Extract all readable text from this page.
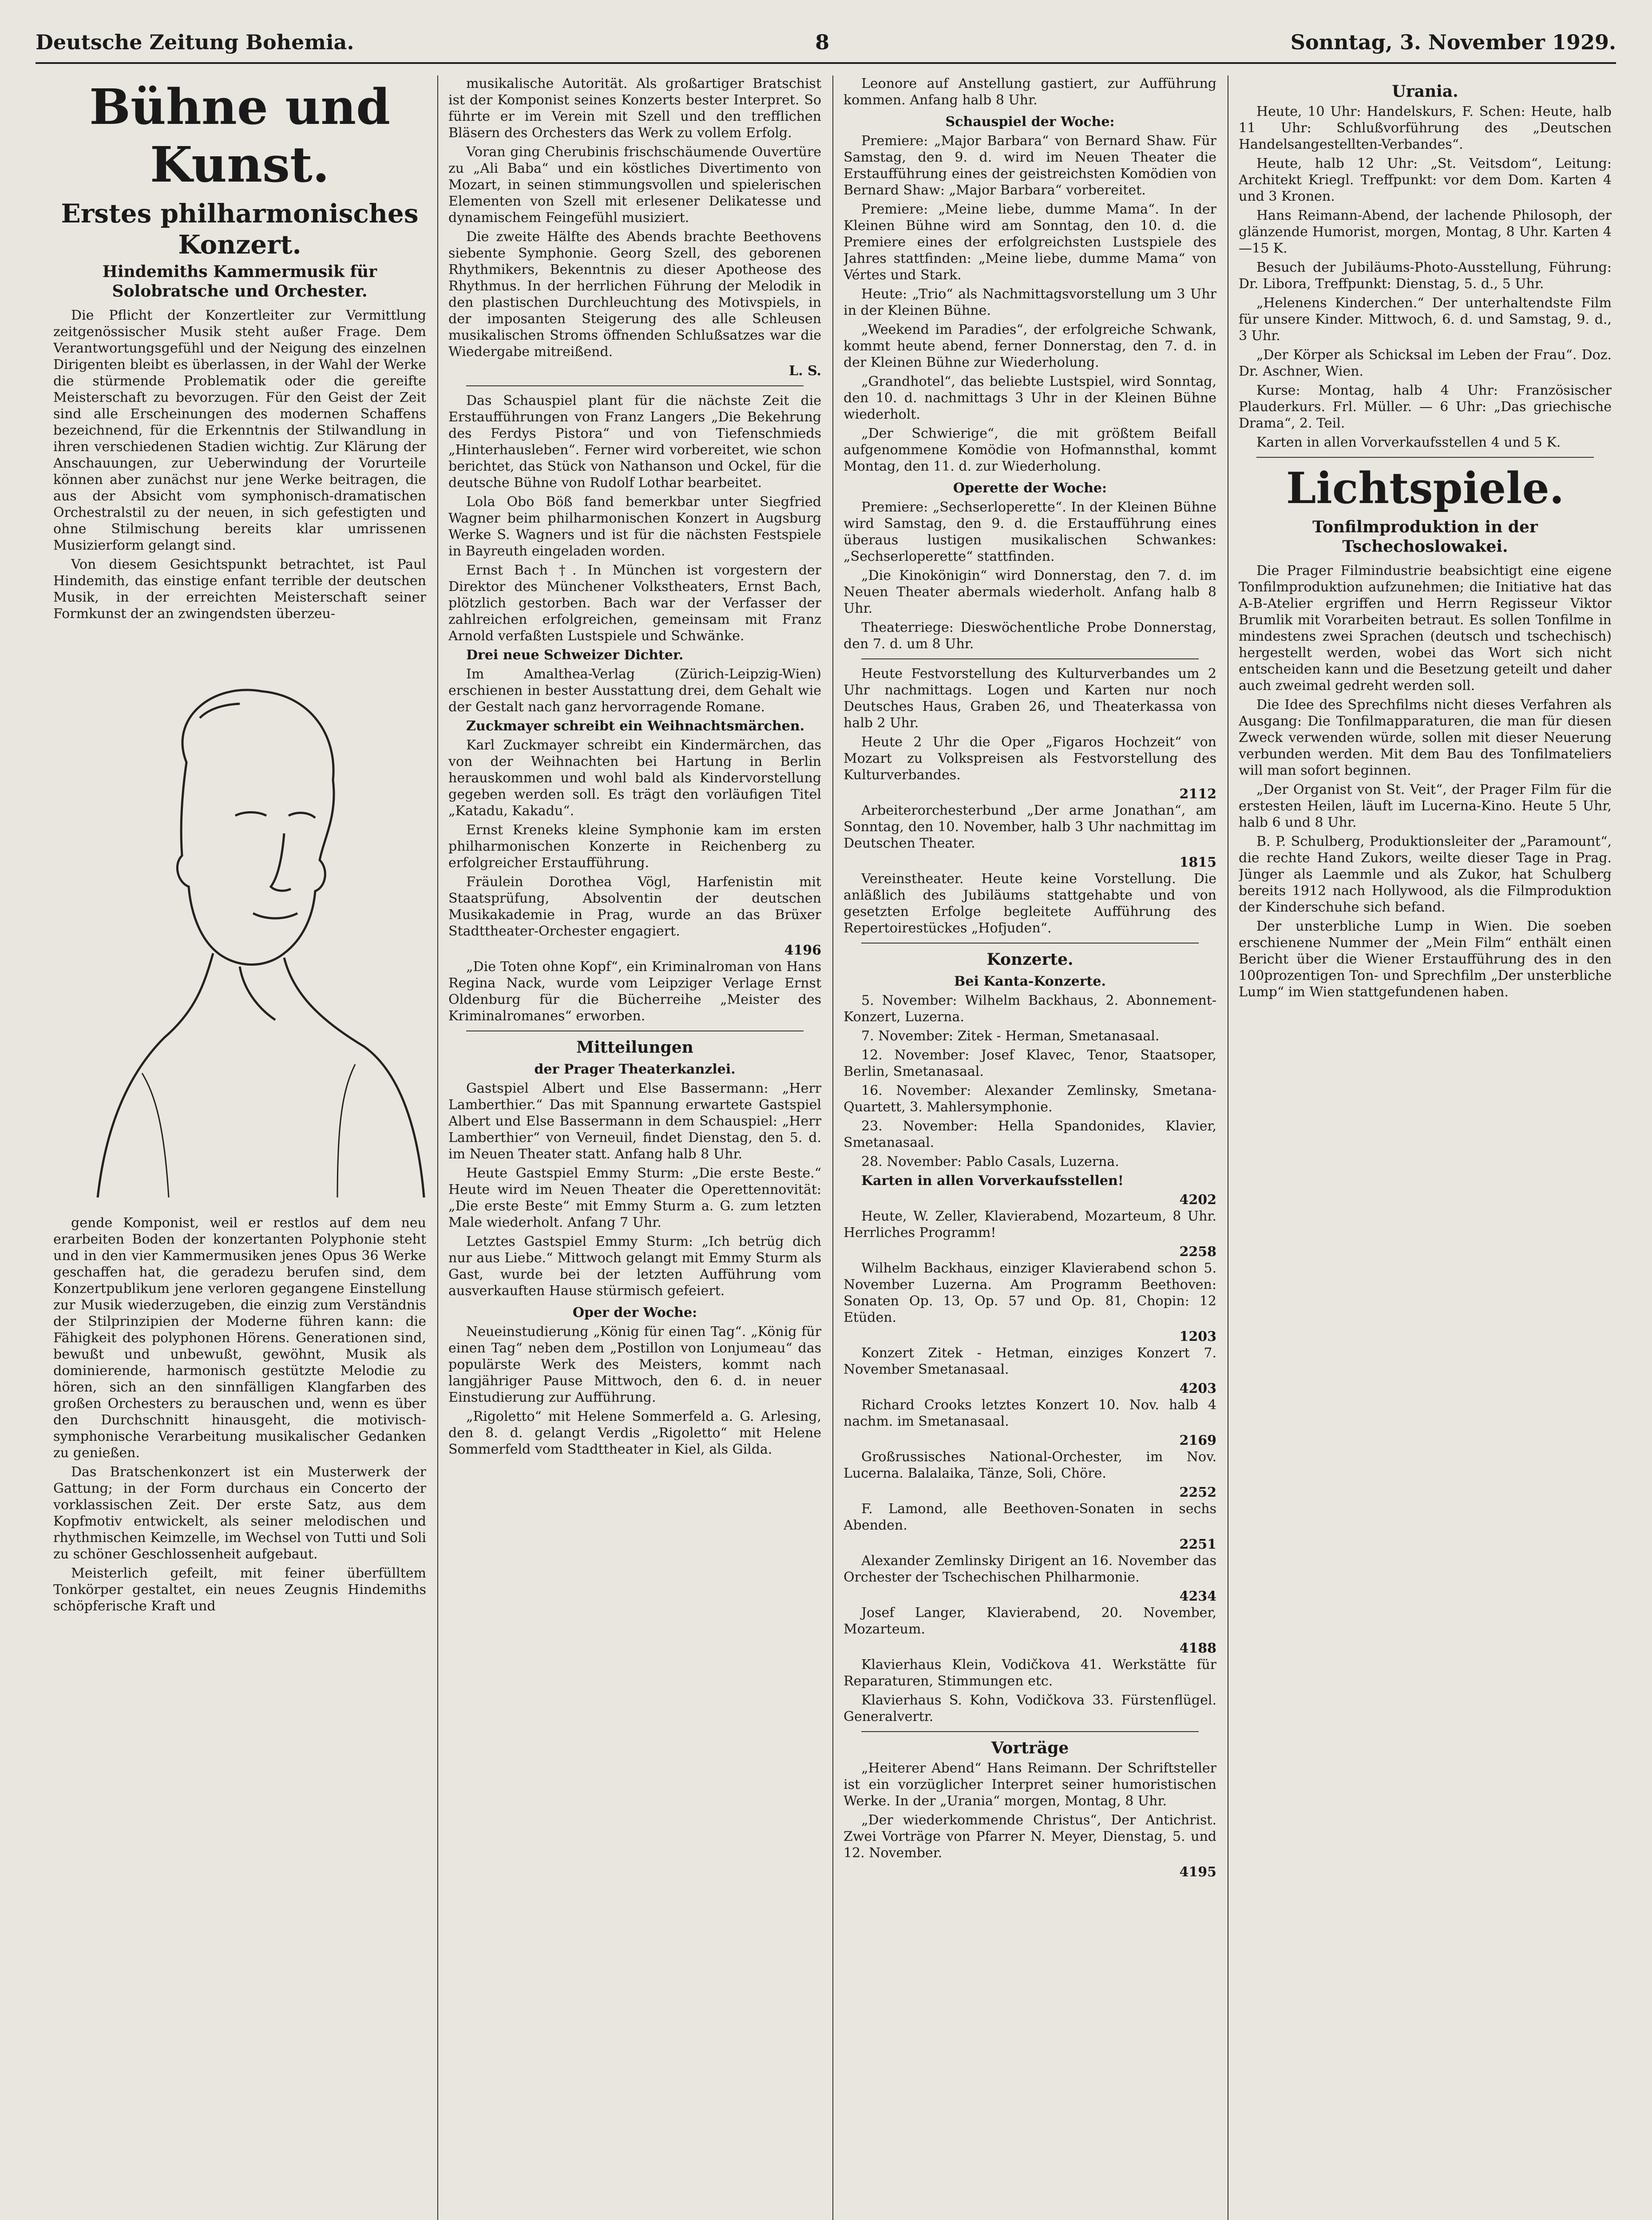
Deutsche Zeitung Bohemia.	8	Sonntag, 3. November 1929.
Bühne und Kunst.
Erstes philharmonisches Konzert.
Hindemiths Kammermusik für Solobratsche und Orchester.

Die Pflicht der Konzertleiter zur Vermittlung zeitgenössischer Musik steht außer Frage. Dem Verantwortungsgefühl und der Neigung des einzelnen Dirigenten bleibt es überlassen, in der Wahl der Werke die stürmende Problematik oder die gereifte Meisterschaft zu bevorzugen. Für den Geist der Zeit sind alle Erscheinungen des modernen Schaffens bezeichnend, für die Erkenntnis der Stilwandlung in ihren verschiedenen Stadien wichtig. Zur Klärung der Anschauungen, zur Ueberwindung der Vorurteile können aber zunächst nur jene Werke beitragen, die aus der Absicht vom symphonisch-dramatischen Orchestralstil zu der neuen, in sich gefestigten und ohne Stilmischung bereits klar umrissenen Musizierform gelangt sind.

Von diesem Gesichtspunkt betrachtet, ist Paul Hindemith, das einstige enfant terrible der deutschen Musik, in der erreichten Meisterschaft seiner Formkunst der an zwingendsten überzeu-

gende Komponist, weil er restlos auf dem neu erarbeiten Boden der konzertanten Polyphonie steht und in den vier Kammermusiken jenes Opus 36 Werke geschaffen hat, die geradezu berufen sind, dem Konzertpublikum jene verloren gegangene Einstellung zur Musik wiederzugeben, die einzig zum Verständnis der Stilprinzipien der Moderne führen kann: die Fähigkeit des polyphonen Hörens. Generationen sind, bewußt und unbewußt, gewöhnt, Musik als dominierende, harmonisch gestützte Melodie zu hören, sich an den sinnfälligen Klangfarben des großen Orchesters zu berauschen und, wenn es über den Durchschnitt hinausgeht, die motivisch-symphonische Verarbeitung musikalischer Gedanken zu genießen.

Das Bratschenkonzert ist ein Musterwerk der Gattung; in der Form durchaus ein Concerto der vorklassischen Zeit. Der erste Satz, aus dem Kopfmotiv entwickelt, als seiner melodischen und rhythmischen Keimzelle, im Wechsel von Tutti und Soli zu schöner Geschlossenheit aufgebaut.

Meisterlich gefeilt, mit feiner überfülltem Tonkörper gestaltet, ein neues Zeugnis Hindemiths schöpferische Kraft und

musikalische Autorität. Als großartiger Bratschist ist der Komponist seines Konzerts bester Interpret. So führte er im Verein mit Szell und den trefflichen Bläsern des Orchesters das Werk zu vollem Erfolg.

Voran ging Cherubinis frischschäumende Ouvertüre zu „Ali Baba“ und ein köstliches Divertimento von Mozart, in seinen stimmungsvollen und spielerischen Elementen von Szell mit erlesener Delikatesse und dynamischem Feingefühl musiziert.

Die zweite Hälfte des Abends brachte Beethovens siebente Symphonie. Georg Szell, des geborenen Rhythmikers, Bekenntnis zu dieser Apotheose des Rhythmus. In der herrlichen Führung der Melodik in den plastischen Durchleuchtung des Motivspiels, in der imposanten Steigerung des alle Schleusen musikalischen Stroms öffnenden Schlußsatzes war die Wiedergabe mitreißend.

L. S.

Das Schauspiel plant für die nächste Zeit die Erstaufführungen von Franz Langers „Die Bekehrung des Ferdys Pistora“ und von Tiefenschmieds „Hinterhausleben“. Ferner wird vorbereitet, wie schon berichtet, das Stück von Nathanson und Ockel, für die deutsche Bühne von Rudolf Lothar bearbeitet.

Lola Obo Böß fand bemerkbar unter Siegfried Wagner beim philharmonischen Konzert in Augsburg Werke S. Wagners und ist für die nächsten Festspiele in Bayreuth eingeladen worden.

Ernst Bach †. In München ist vorgestern der Direktor des Münchener Volkstheaters, Ernst Bach, plötzlich gestorben. Bach war der Verfasser der zahlreichen erfolgreichen, gemeinsam mit Franz Arnold verfaßten Lustspiele und Schwänke.

Drei neue Schweizer Dichter.

Im Amalthea-Verlag (Zürich-Leipzig-Wien) erschienen in bester Ausstattung drei, dem Gehalt wie der Gestalt nach ganz hervorragende Romane.

Zuckmayer schreibt ein Weihnachtsmärchen.

Karl Zuckmayer schreibt ein Kindermärchen, das von der Weihnachten bei Hartung in Berlin herauskommen und wohl bald als Kindervorstellung gegeben werden soll. Es trägt den vorläufigen Titel „Katadu, Kakadu“.

Ernst Kreneks kleine Symphonie kam im ersten philharmonischen Konzerte in Reichenberg zu erfolgreicher Erstaufführung.

Fräulein Dorothea Vögl, Harfenistin mit Staatsprüfung, Absolventin der deutschen Musikakademie in Prag, wurde an das Brüxer Stadttheater-Orchester engagiert.

4196

„Die Toten ohne Kopf“, ein Kriminalroman von Hans Regina Nack, wurde vom Leipziger Verlage Ernst Oldenburg für die Bücherreihe „Meister des Kriminalromanes“ erworben.

Mitteilungen
der Prager Theaterkanzlei.

Gastspiel Albert und Else Bassermann: „Herr Lamberthier.“ Das mit Spannung erwartete Gastspiel Albert und Else Bassermann in dem Schauspiel: „Herr Lamberthier“ von Verneuil, findet Dienstag, den 5. d. im Neuen Theater statt. Anfang halb 8 Uhr.

Heute Gastspiel Emmy Sturm: „Die erste Beste.“ Heute wird im Neuen Theater die Operettennovität: „Die erste Beste“ mit Emmy Sturm a. G. zum letzten Male wiederholt. Anfang 7 Uhr.

Letztes Gastspiel Emmy Sturm: „Ich betrüg dich nur aus Liebe.“ Mittwoch gelangt mit Emmy Sturm als Gast, wurde bei der letzten Aufführung vom ausverkauften Hause stürmisch gefeiert.

Oper der Woche:

Neueinstudierung „König für einen Tag“. „König für einen Tag“ neben dem „Postillon von Lonjumeau“ das populärste Werk des Meisters, kommt nach langjähriger Pause Mittwoch, den 6. d. in neuer Einstudierung zur Aufführung.

„Rigoletto“ mit Helene Sommerfeld a. G. Arlesing, den 8. d. gelangt Verdis „Rigoletto“ mit Helene Sommerfeld vom Stadttheater in Kiel, als Gilda.

Leonore auf Anstellung gastiert, zur Aufführung kommen. Anfang halb 8 Uhr.

Schauspiel der Woche:

Premiere: „Major Barbara“ von Bernard Shaw. Für Samstag, den 9. d. wird im Neuen Theater die Erstaufführung eines der geistreichsten Komödien von Bernard Shaw: „Major Barbara“ vorbereitet.

Premiere: „Meine liebe, dumme Mama“. In der Kleinen Bühne wird am Sonntag, den 10. d. die Premiere eines der erfolgreichsten Lustspiele des Jahres stattfinden: „Meine liebe, dumme Mama“ von Vértes und Stark.

Heute: „Trio“ als Nachmittagsvorstellung um 3 Uhr in der Kleinen Bühne.

„Weekend im Paradies“, der erfolgreiche Schwank, kommt heute abend, ferner Donnerstag, den 7. d. in der Kleinen Bühne zur Wiederholung.

„Grandhotel“, das beliebte Lustspiel, wird Sonntag, den 10. d. nachmittags 3 Uhr in der Kleinen Bühne wiederholt.

„Der Schwierige“, die mit größtem Beifall aufgenommene Komödie von Hofmannsthal, kommt Montag, den 11. d. zur Wiederholung.

Operette der Woche:

Premiere: „Sechserloperette“. In der Kleinen Bühne wird Samstag, den 9. d. die Erstaufführung eines überaus lustigen musikalischen Schwankes: „Sechserloperette“ stattfinden.

„Die Kinokönigin“ wird Donnerstag, den 7. d. im Neuen Theater abermals wiederholt. Anfang halb 8 Uhr.

Theaterriege: Dieswöchentliche Probe Donnerstag, den 7. d. um 8 Uhr.

Heute Festvorstellung des Kulturverbandes um 2 Uhr nachmittags. Logen und Karten nur noch Deutsches Haus, Graben 26, und Theaterkassa von halb 2 Uhr.

Heute 2 Uhr die Oper „Figaros Hochzeit“ von Mozart zu Volkspreisen als Festvorstellung des Kulturverbandes.

2112

Arbeiterorchesterbund „Der arme Jonathan“, am Sonntag, den 10. November, halb 3 Uhr nachmittag im Deutschen Theater.

1815

Vereinstheater. Heute keine Vorstellung. Die anläßlich des Jubiläums stattgehabte und von gesetzten Erfolge begleitete Aufführung des Repertoirestückes „Hofjuden“.

Konzerte.
Bei Kanta-Konzerte.

5. November: Wilhelm Backhaus, 2. Abonnement-Konzert, Luzerna.

7. November: Zitek - Herman, Smetanasaal.

12. November: Josef Klavec, Tenor, Staatsoper, Berlin, Smetanasaal.

16. November: Alexander Zemlinsky, Smetana-Quartett, 3. Mahlersymphonie.

23. November: Hella Spandonides, Klavier, Smetanasaal.

28. November: Pablo Casals, Luzerna.

Karten in allen Vorverkaufsstellen!

4202

Heute, W. Zeller, Klavierabend, Mozarteum, 8 Uhr. Herrliches Programm!

2258

Wilhelm Backhaus, einziger Klavierabend schon 5. November Luzerna. Am Programm Beethoven: Sonaten Op. 13, Op. 57 und Op. 81, Chopin: 12 Etüden.

1203

Konzert Zitek - Hetman, einziges Konzert 7. November Smetanasaal.

4203

Richard Crooks letztes Konzert 10. Nov. halb 4 nachm. im Smetanasaal.

2169

Großrussisches National-Orchester, im Nov. Lucerna. Balalaika, Tänze, Soli, Chöre.

2252

F. Lamond, alle Beethoven-Sonaten in sechs Abenden.

2251

Alexander Zemlinsky Dirigent an 16. November das Orchester der Tschechischen Philharmonie.

4234

Josef Langer, Klavierabend, 20. November, Mozarteum.

4188

Klavierhaus Klein, Vodičkova 41. Werkstätte für Reparaturen, Stimmungen etc.

Klavierhaus S. Kohn, Vodičkova 33. Fürstenflügel. Generalvertr.

Vorträge

„Heiterer Abend“ Hans Reimann. Der Schriftsteller ist ein vorzüglicher Interpret seiner humoristischen Werke. In der „Urania“ morgen, Montag, 8 Uhr.

„Der wiederkommende Christus“, Der Antichrist. Zwei Vorträge von Pfarrer N. Meyer, Dienstag, 5. und 12. November.

4195
Urania.

Heute, 10 Uhr: Handelskurs, F. Schen: Heute, halb 11 Uhr: Schlußvorführung des „Deutschen Handelsangestellten-Verbandes“.

Heute, halb 12 Uhr: „St. Veitsdom“, Leitung: Architekt Kriegl. Treffpunkt: vor dem Dom. Karten 4 und 3 Kronen.

Hans Reimann-Abend, der lachende Philosoph, der glänzende Humorist, morgen, Montag, 8 Uhr. Karten 4—15 K.

Besuch der Jubiläums-Photo-Ausstellung, Führung: Dr. Libora, Treffpunkt: Dienstag, 5. d., 5 Uhr.

„Helenens Kinderchen.“ Der unterhaltendste Film für unsere Kinder. Mittwoch, 6. d. und Samstag, 9. d., 3 Uhr.

„Der Körper als Schicksal im Leben der Frau“. Doz. Dr. Aschner, Wien.

Kurse: Montag, halb 4 Uhr: Französischer Plauderkurs. Frl. Müller. — 6 Uhr: „Das griechische Drama“, 2. Teil.

Karten in allen Vorverkaufsstellen 4 und 5 K.

Lichtspiele.
Tonfilmproduktion in der Tschechoslowakei.

Die Prager Filmindustrie beabsichtigt eine eigene Tonfilmproduktion aufzunehmen; die Initiative hat das A-B-Atelier ergriffen und Herrn Regisseur Viktor Brumlik mit Vorarbeiten betraut. Es sollen Tonfilme in mindestens zwei Sprachen (deutsch und tschechisch) hergestellt werden, wobei das Wort sich nicht entscheiden kann und die Besetzung geteilt und daher auch zweimal gedreht werden soll.

Die Idee des Sprechfilms nicht dieses Verfahren als Ausgang: Die Tonfilmapparaturen, die man für diesen Zweck verwenden würde, sollen mit dieser Neuerung verbunden werden. Mit dem Bau des Tonfilmateliers will man sofort beginnen.

„Der Organist von St. Veit“, der Prager Film für die erstesten Heilen, läuft im Lucerna-Kino. Heute 5 Uhr, halb 6 und 8 Uhr.

B. P. Schulberg, Produktionsleiter der „Paramount“, die rechte Hand Zukors, weilte dieser Tage in Prag. Jünger als Laemmle und als Zukor, hat Schulberg bereits 1912 nach Hollywood, als die Filmproduktion der Kinderschuhe sich befand.

Der unsterbliche Lump in Wien. Die soeben erschienene Nummer der „Mein Film“ enthält einen Bericht über die Wiener Erstaufführung des in den 100prozentigen Ton- und Sprechfilm „Der unsterbliche Lump“ im Wien stattgefundenen haben.
